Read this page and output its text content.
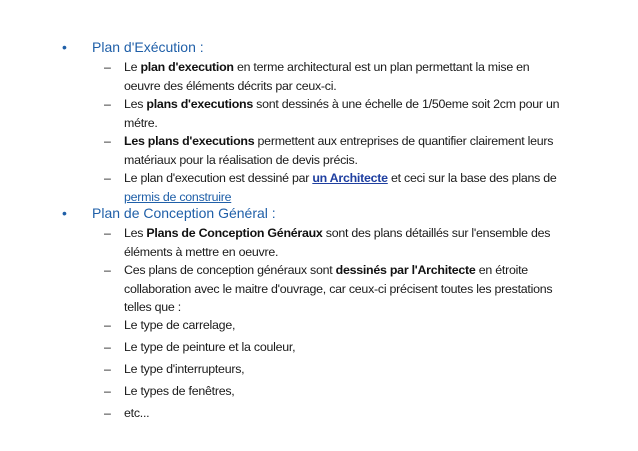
•	Plan d'Exécution :
– Le plan d'execution en terme architectural est un plan permettant la mise en oeuvre des éléments décrits par ceux-ci.
– Les plans d'executions sont dessinés à une échelle de 1/50eme soit 2cm pour un métre.
– Les plans d'executions permettent aux entreprises de quantifier clairement leurs matériaux pour la réalisation de devis précis.
– Le plan d'execution est dessiné par un Architecte et ceci sur la base des plans de permis de construire
•	Plan de Conception Général :
– Les Plans de Conception Généraux sont des plans détaillés sur l'ensemble des éléments à mettre en oeuvre.
– Ces plans de conception généraux sont dessinés par l'Architecte en étroite collaboration avec le maitre d'ouvrage, car ceux-ci précisent toutes les prestations telles que :
– Le type de carrelage,
– Le type de peinture et la couleur,
– Le type d'interrupteurs,
– Le types de fenêtres,
– etc...
